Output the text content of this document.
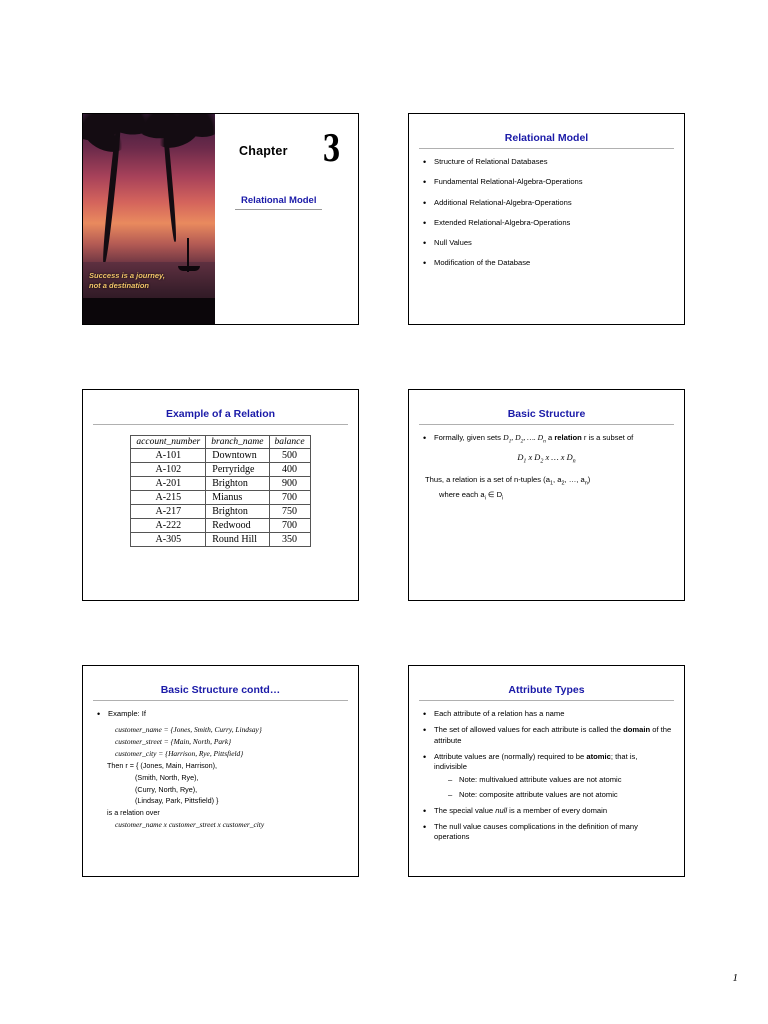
Success is a journey,
not a destination
Chapter 3
Relational Model
Relational Model
• Structure of Relational Databases
• Fundamental Relational-Algebra-Operations
• Additional Relational-Algebra-Operations
• Extended Relational-Algebra-Operations
• Null Values
• Modification of the Database
Example of a Relation
account_number	branch_name	balance
A-101	Downtown	500
A-102	Perryridge	400
A-201	Brighton	900
A-215	Mianus	700
A-217	Brighton	750
A-222	Redwood	700
A-305	Round Hill	350
Basic Structure
• Formally, given sets $D_1$, $D_2$, …. $D_n$ a relation r is a subset of
$D_1$ x $D_2$ x … x $D_n$
Thus, a relation is a set of n-tuples ($a_1$, $a_2$, …, $a_n$)
where each $a_i$ ∈ $D_i$
Basic Structure contd…
• Example: If
customer_name = {Jones, Smith, Curry, Lindsay}
customer_street = {Main, North, Park}
customer_city = {Harrison, Rye, Pittsfield}
Then r = { (Jones, Main, Harrison),
(Smith, North, Rye),
(Curry, North, Rye),
(Lindsay, Park, Pittsfield) }
is a relation over
customer_name x customer_street x customer_city
Attribute Types
• Each attribute of a relation has a name
• The set of allowed values for each attribute is called the domain of the attribute
• Attribute values are (normally) required to be atomic; that is, indivisible
– Note: multivalued attribute values are not atomic
– Note: composite attribute values are not atomic
• The special value null is a member of every domain
• The null value causes complications in the definition of many operations
1
